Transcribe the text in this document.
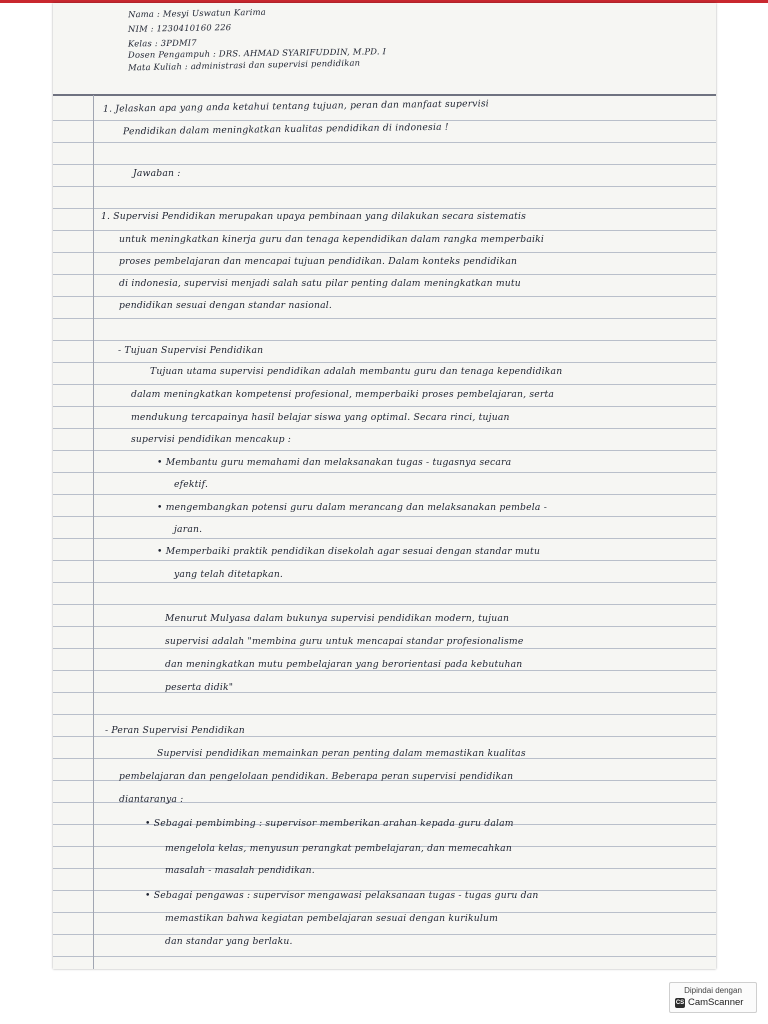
Nama : Mesyi Uswatun Karima
NIM : 1230410160 226
Kelas : 3PDMI7
Dosen Pengampuh : DRS. AHMAD SYARIFUDDIN, M.PD. I
Mata Kuliah : administrasi dan supervisi pendidikan
1. Jelaskan apa yang anda ketahui tentang tujuan, peran dan manfaat supervisi
Pendidikan dalam meningkatkan kualitas pendidikan di indonesia !
Jawaban :
1. Supervisi Pendidikan merupakan upaya pembinaan yang dilakukan secara sistematis
untuk meningkatkan kinerja guru dan tenaga kependidikan dalam rangka memperbaiki
proses pembelajaran dan mencapai tujuan pendidikan. Dalam konteks pendidikan
di indonesia, supervisi menjadi salah satu pilar penting dalam meningkatkan mutu
pendidikan sesuai dengan standar nasional.
- Tujuan Supervisi Pendidikan
Tujuan utama supervisi pendidikan adalah membantu guru dan tenaga kependidikan
dalam meningkatkan kompetensi profesional, memperbaiki proses pembelajaran, serta
mendukung tercapainya hasil belajar siswa yang optimal. Secara rinci, tujuan
supervisi pendidikan mencakup :
• Membantu guru memahami dan melaksanakan tugas - tugasnya secara
efektif.
• mengembangkan potensi guru dalam merancang dan melaksanakan pembela -
jaran.
• Memperbaiki praktik pendidikan disekolah agar sesuai dengan standar mutu
yang telah ditetapkan.
Menurut Mulyasa dalam bukunya supervisi pendidikan modern, tujuan
supervisi adalah "membina guru untuk mencapai standar profesionalisme
dan meningkatkan mutu pembelajaran yang berorientasi pada kebutuhan
peserta didik"
- Peran Supervisi Pendidikan
Supervisi pendidikan memainkan peran penting dalam memastikan kualitas
pembelajaran dan pengelolaan pendidikan. Beberapa peran supervisi pendidikan
diantaranya :
• Sebagai pembimbing : supervisor memberikan arahan kepada guru dalam
mengelola kelas, menyusun perangkat pembelajaran, dan memecahkan
masalah - masalah pendidikan.
• Sebagai pengawas : supervisor mengawasi pelaksanaan tugas - tugas guru dan
memastikan bahwa kegiatan pembelajaran sesuai dengan kurikulum
dan standar yang berlaku.
Dipindai dengan
CS CamScanner
